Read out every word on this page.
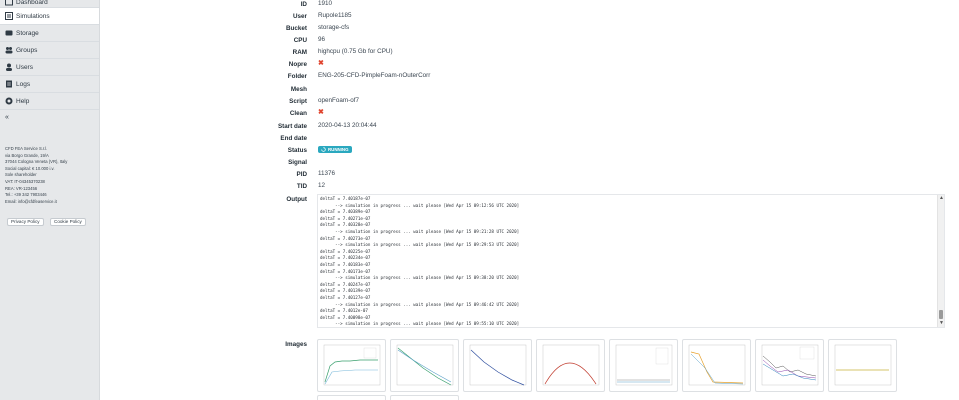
Dashboard
Simulations
Storage
Groups
Users
Logs
Help
«
CFD FEA Service S.r.l.
via Borgo Grande, 19/A
37044 Cologna Veneta (VR), Italy
Social capital: € 10.000 i.v.
Sole shareholder
VAT: IT-04345370238
REA: VR-123456
Tel.: +39 342 7903446
Email: info@cfdfeaservice.it
Privacy Policy	Cookie Policy
ID 1910
User Rupole1185
Bucket storage-cfs
CPU 96
RAM highcpu (0.75 Gb for CPU)
Nopre ✖
Folder ENG-205-CFD-PimpleFoam-nOuterCorr
Mesh
Script openFoam-of7
Clean ✖
Start date 2020-04-13 20:04:44
End date
Status	RUNNING
Signal
PID 11376
TID 12
Output	deltaT = 7.40187e-07
--> simulation in progress ... wait please [Wed Apr 15 09:12:56 UTC 2020]
deltaT = 7.40389e-07
deltaT = 7.40271e-07
deltaT = 7.40328e-07
--> simulation in progress ... wait please [Wed Apr 15 09:21:28 UTC 2020]
deltaT = 7.40273e-07
--> simulation in progress ... wait please [Wed Apr 15 09:29:53 UTC 2020]
deltaT = 7.40225e-07
deltaT = 7.40234e-07
deltaT = 7.40183e-07
deltaT = 7.40173e-07
--> simulation in progress ... wait please [Wed Apr 15 09:38:20 UTC 2020]
deltaT = 7.40247e-07
deltaT = 7.40139e-07
deltaT = 7.40127e-07
--> simulation in progress ... wait please [Wed Apr 15 09:46:42 UTC 2020]
deltaT = 7.4012e-07
deltaT = 7.40098e-07
--> simulation in progress ... wait please [Wed Apr 15 09:55:10 UTC 2020]
▲
▼
Images
